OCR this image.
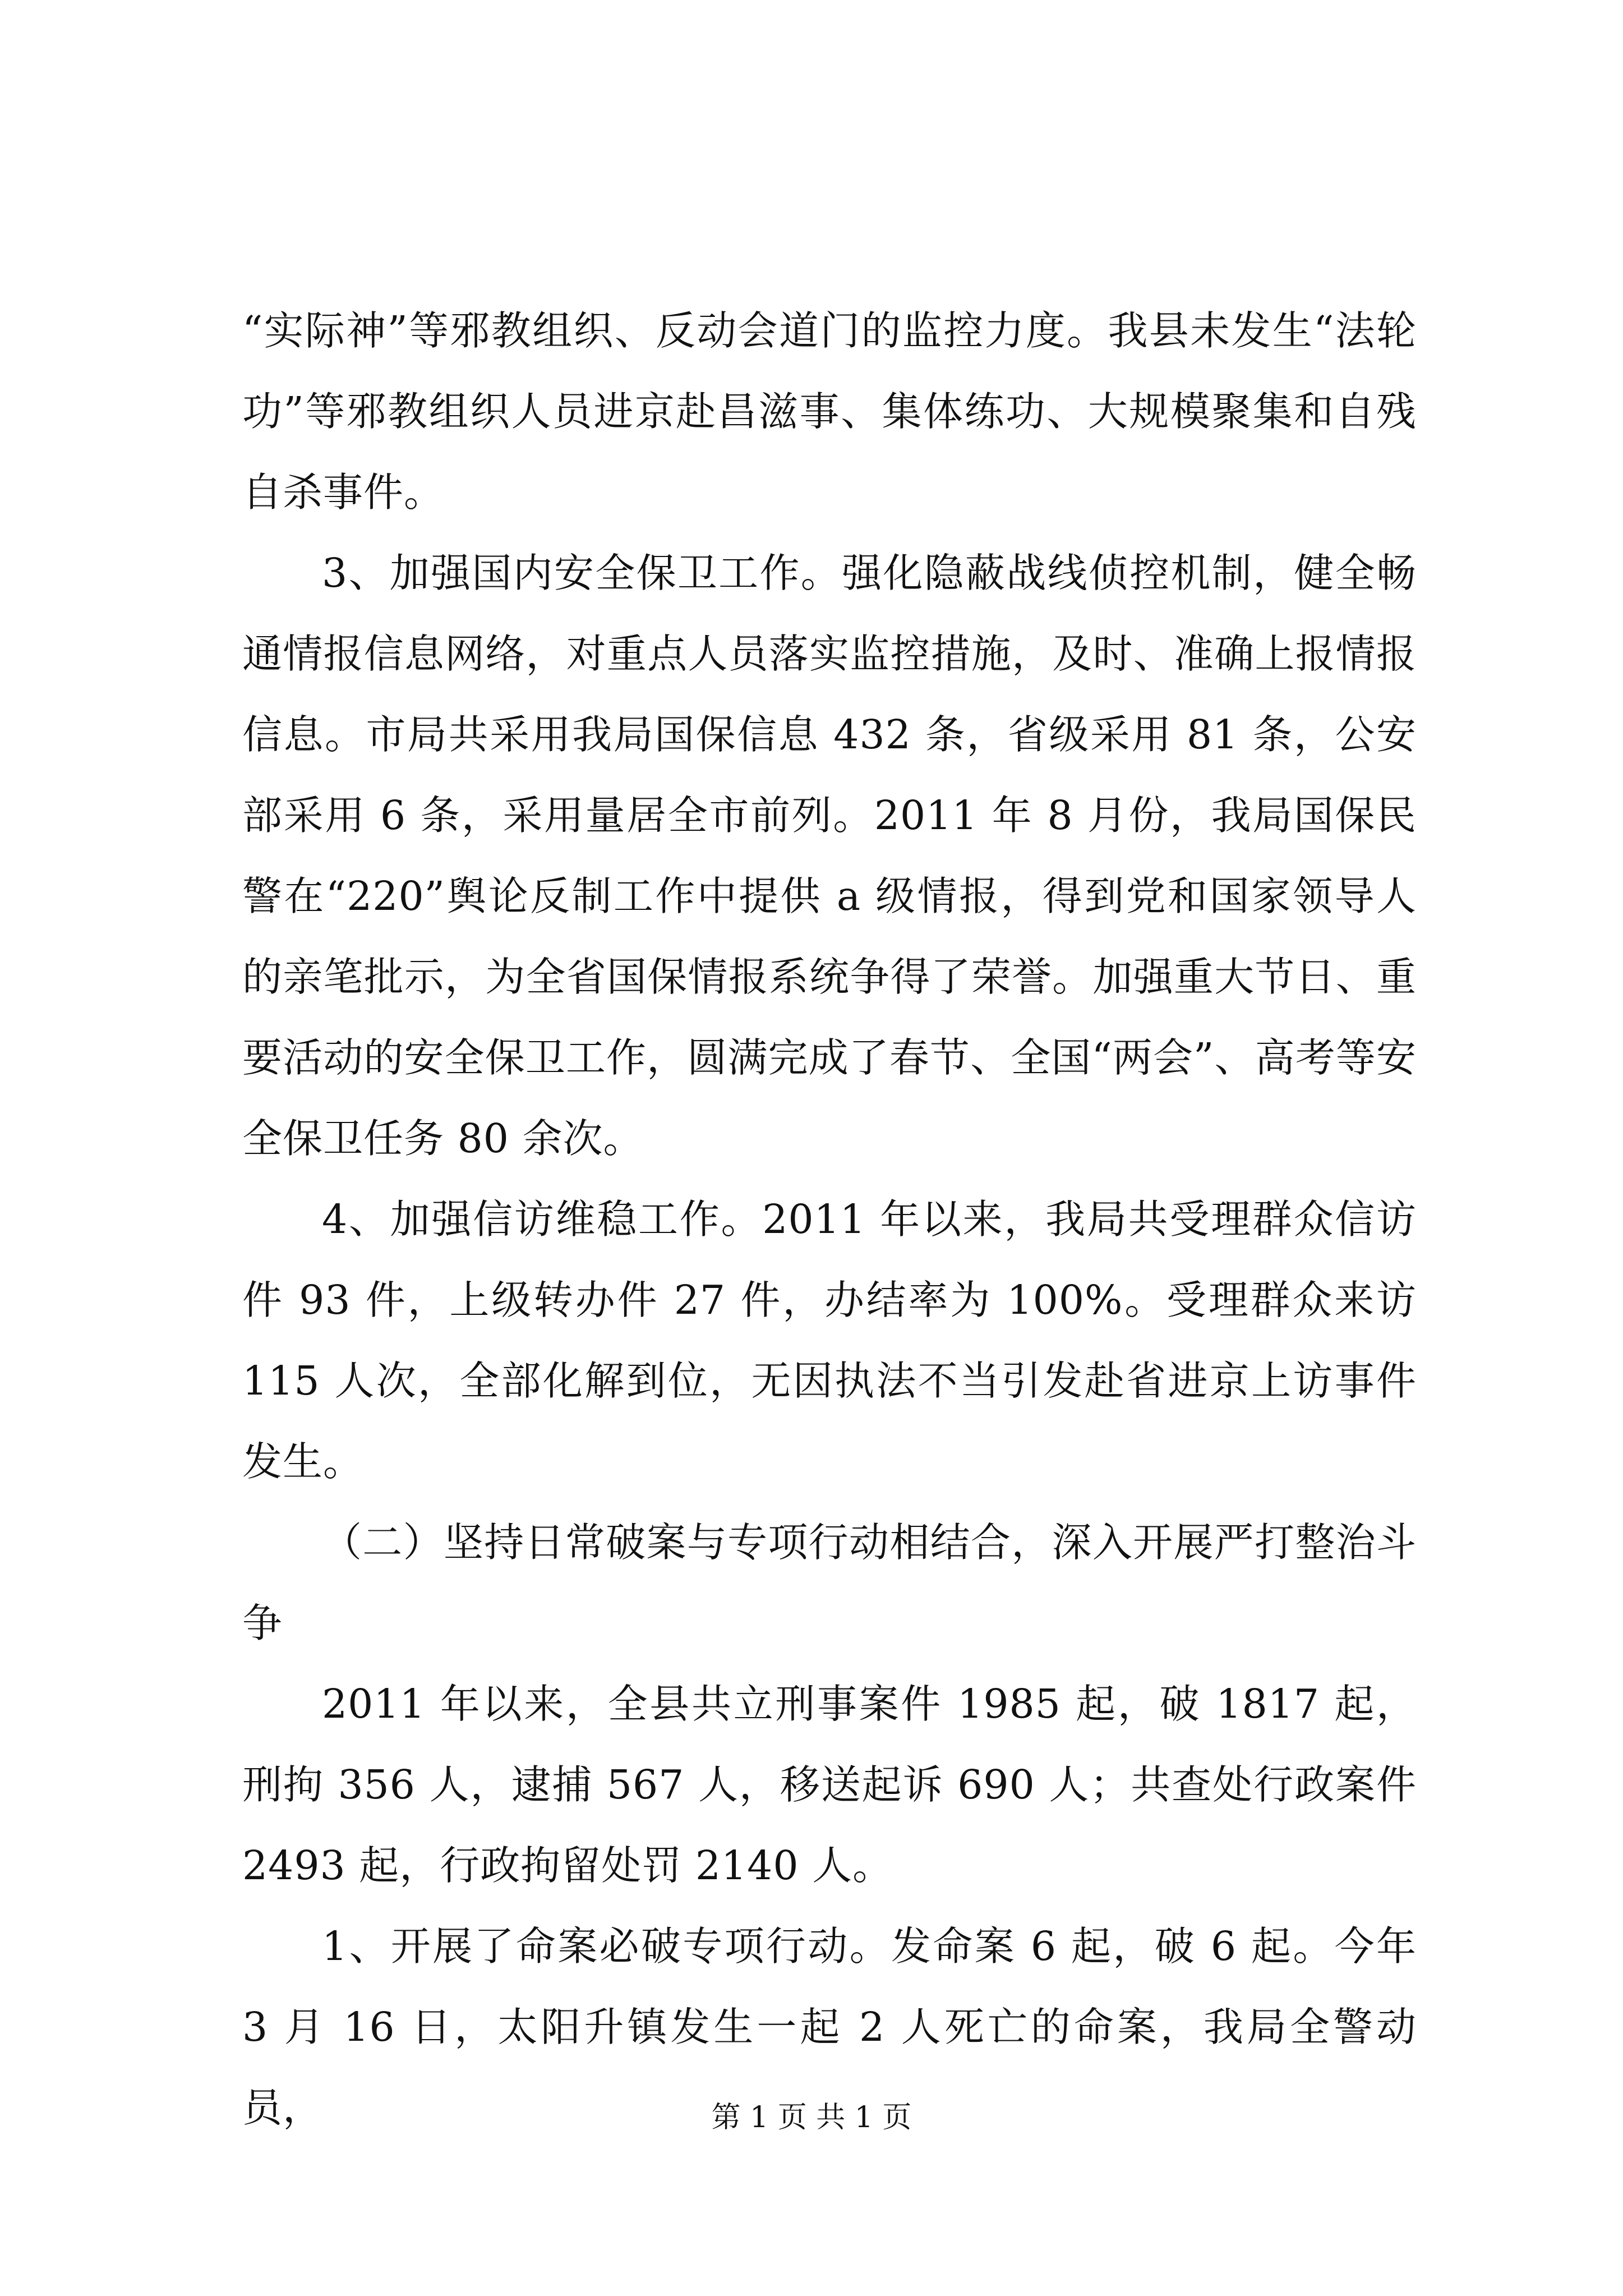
“实际神”等邪教组织、反动会道门的监控力度。我县未发生“法轮功”等邪教组织人员进京赴昌滋事、集体练功、大规模聚集和自残自杀事件。

3、加强国内安全保卫工作。强化隐蔽战线侦控机制，健全畅通情报信息网络，对重点人员落实监控措施，及时、准确上报情报信息。市局共采用我局国保信息 432 条，省级采用 81 条，公安部采用 6 条，采用量居全市前列。2011 年 8 月份，我局国保民警在“220”舆论反制工作中提供 a 级情报，得到党和国家领导人的亲笔批示，为全省国保情报系统争得了荣誉。加强重大节日、重要活动的安全保卫工作，圆满完成了春节、全国“两会”、高考等安全保卫任务 80 余次。

4、加强信访维稳工作。2011 年以来，我局共受理群众信访件 93 件，上级转办件 27 件，办结率为 100%。受理群众来访 115 人次，全部化解到位，无因执法不当引发赴省进京上访事件发生。

（二）坚持日常破案与专项行动相结合，深入开展严打整治斗争

2011 年以来，全县共立刑事案件 1985 起，破 1817 起，刑拘 356 人，逮捕 567 人，移送起诉 690 人；共查处行政案件 2493 起，行政拘留处罚 2140 人。

1、开展了命案必破专项行动。发命案 6 起，破 6 起。今年 3 月 16 日，太阳升镇发生一起 2 人死亡的命案，我局全警动员，	第 1 页 共 1 页
